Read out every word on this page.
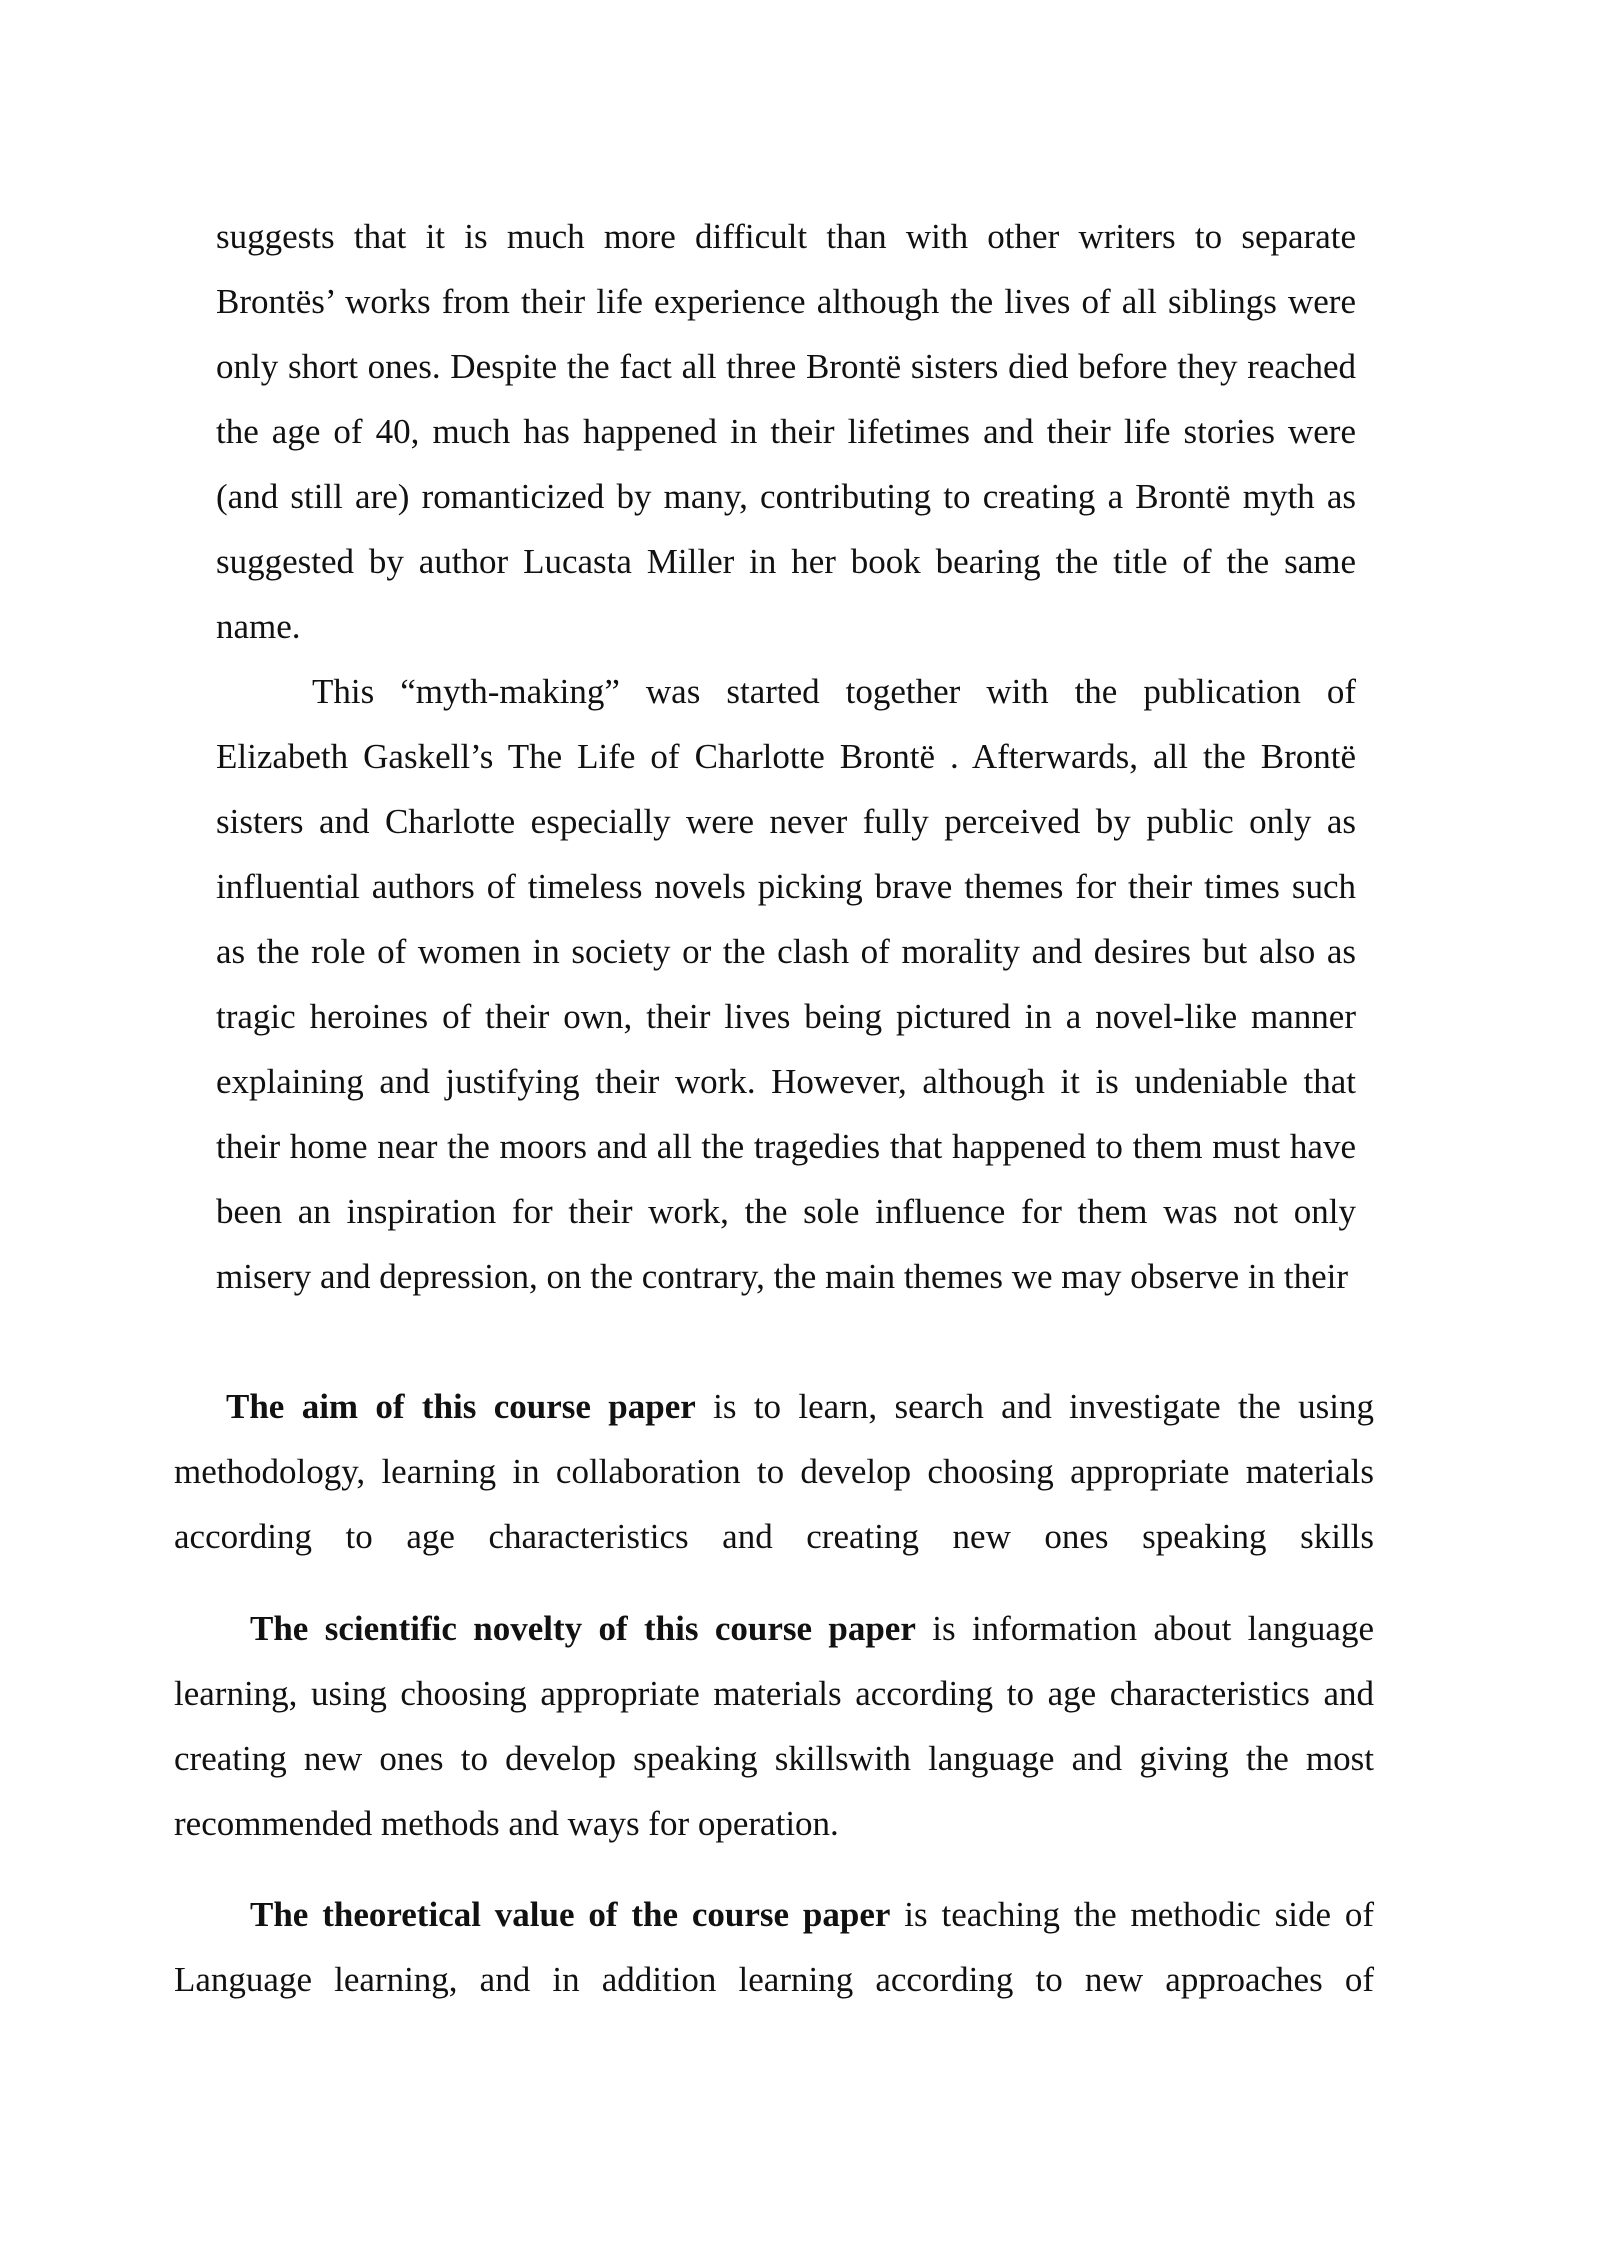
suggests that it is much more difficult than with other writers to separate Brontës’ works from their life experience although the lives of all siblings were only short ones. Despite the fact all three Brontë sisters died before they reached the age of 40, much has happened in their lifetimes and their life stories were (and still are) romanticized by many, contributing to creating a Brontë myth as suggested by author Lucasta Miller in her book bearing the title of the same name.

This “myth-making” was started together with the publication of Elizabeth Gaskell’s The Life of Charlotte Brontë . Afterwards, all the Brontë sisters and Charlotte especially were never fully perceived by public only as influential authors of timeless novels picking brave themes for their times such as the role of women in society or the clash of morality and desires but also as tragic heroines of their own, their lives being pictured in a novel-like manner explaining and justifying their work. However, although it is undeniable that their home near the moors and all the tragedies that happened to them must have been an inspiration for their work, the sole influence for them was not only misery and depression, on the contrary, the main themes we may observe in their

The aim of this course paper is to learn, search and investigate the using methodology, learning in collaboration to develop choosing appropriate materials according to age characteristics and creating new ones speaking skills

The scientific novelty of this course paper is information about language learning, using choosing appropriate materials according to age characteristics and creating new ones to develop speaking skillswith language and giving the most recommended methods and ways for operation.

The theoretical value of the course paper is teaching the methodic side of Language learning, and in addition learning according to new approaches of
